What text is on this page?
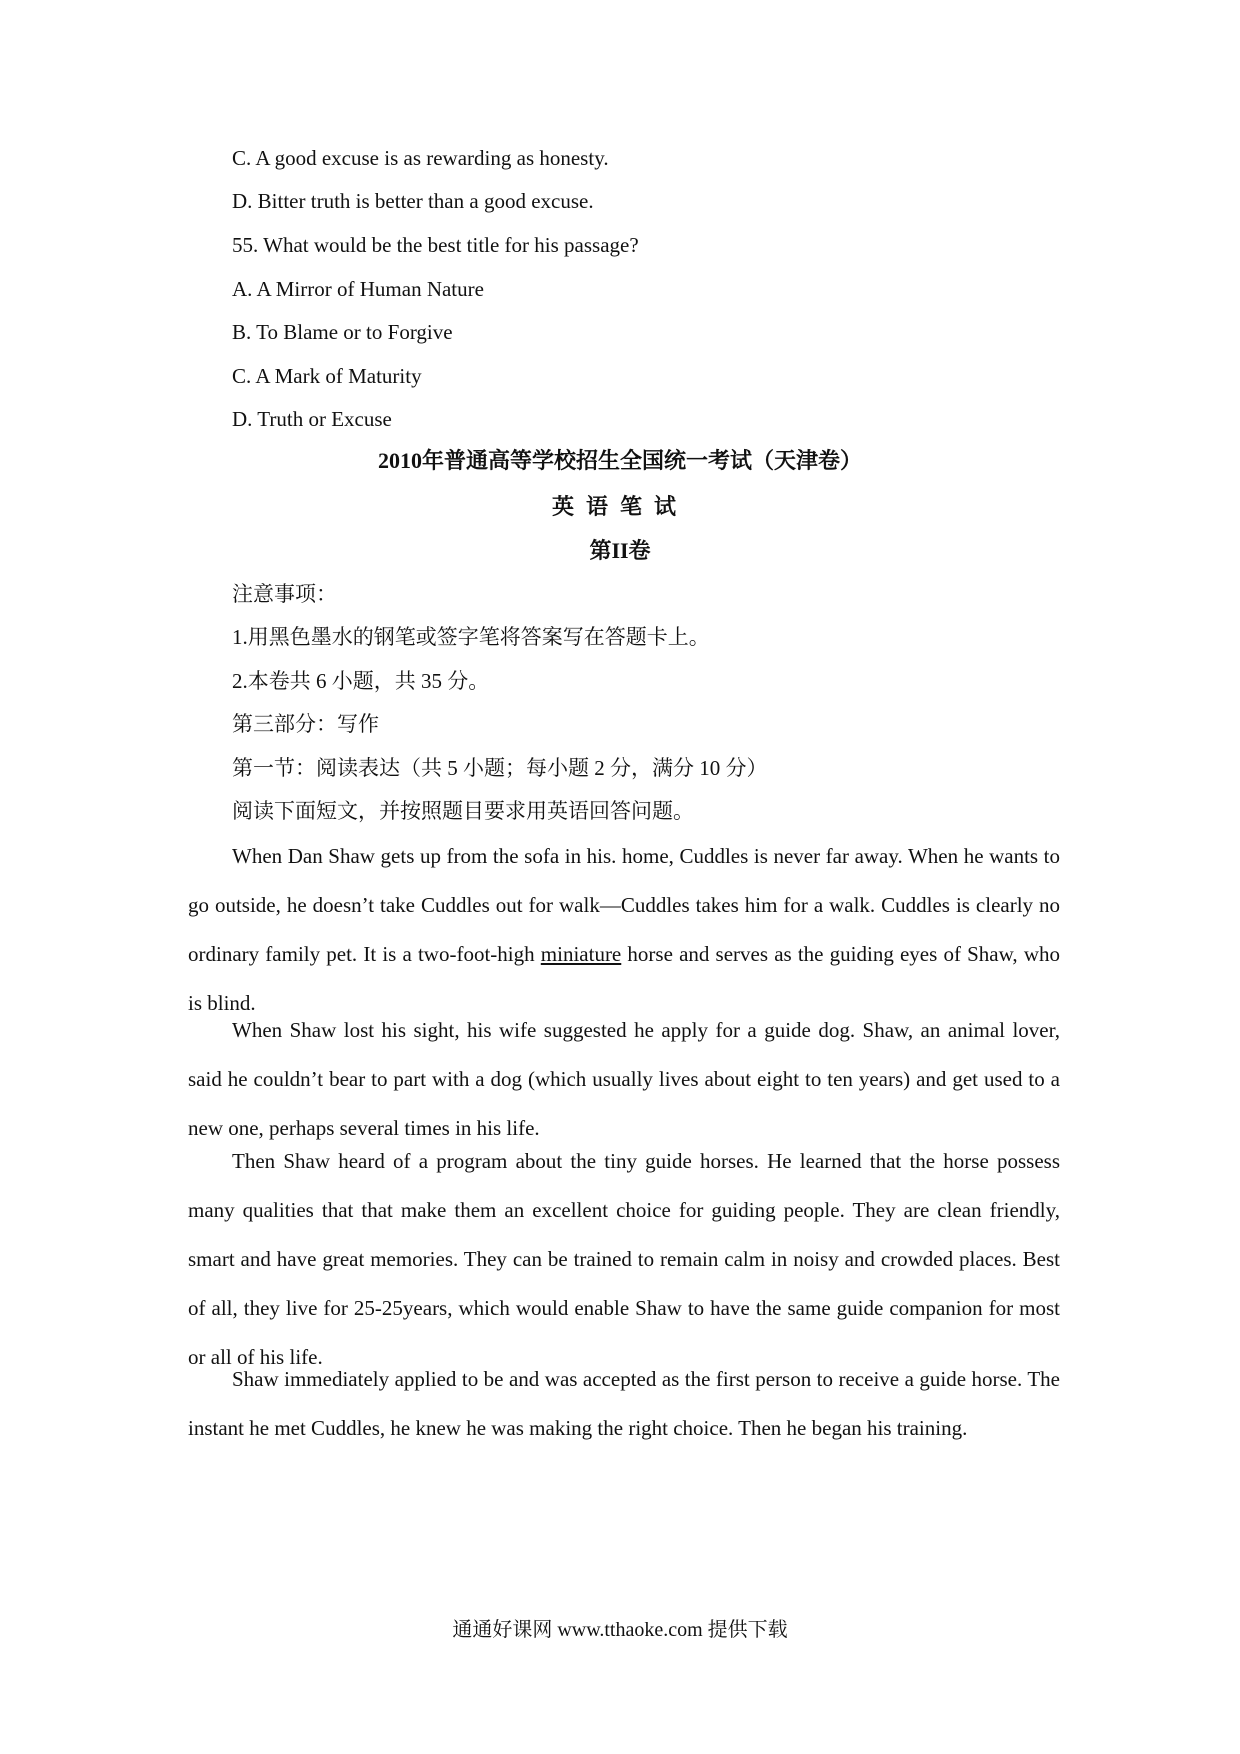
C. A good excuse is as rewarding as honesty.
D. Bitter truth is better than a good excuse.
55. What would be the best title for his passage?
A. A Mirror of Human Nature
B. To Blame or to Forgive
C. A Mark of Maturity
D. Truth or Excuse
2010年普通高等学校招生全国统一考试（天津卷）
英语笔试
第II卷
注意事项：
1.用黑色墨水的钢笔或签字笔将答案写在答题卡上。
2.本卷共 6 小题，共 35 分。
第三部分：写作
第一节：阅读表达（共 5 小题；每小题 2 分，满分 10 分）
阅读下面短文，并按照题目要求用英语回答问题。

When Dan Shaw gets up from the sofa in his. home, Cuddles is never far away. When he wants to go outside, he doesn’t take Cuddles out for walk—Cuddles takes him for a walk. Cuddles is clearly no ordinary family pet. It is a two-foot-high miniature horse and serves as the guiding eyes of Shaw, who is blind.

When Shaw lost his sight, his wife suggested he apply for a guide dog. Shaw, an animal lover, said he couldn’t bear to part with a dog (which usually lives about eight to ten years) and get used to a new one, perhaps several times in his life.

Then Shaw heard of a program about the tiny guide horses. He learned that the horse possess many qualities that that make them an excellent choice for guiding people. They are clean friendly, smart and have great memories. They can be trained to remain calm in noisy and crowded places. Best of all, they live for 25-25years, which would enable Shaw to have the same guide companion for most or all of his life.

Shaw immediately applied to be and was accepted as the first person to receive a guide horse. The instant he met Cuddles, he knew he was making the right choice. Then he began his training.

通通好课网 www.tthaoke.com 提供下载
